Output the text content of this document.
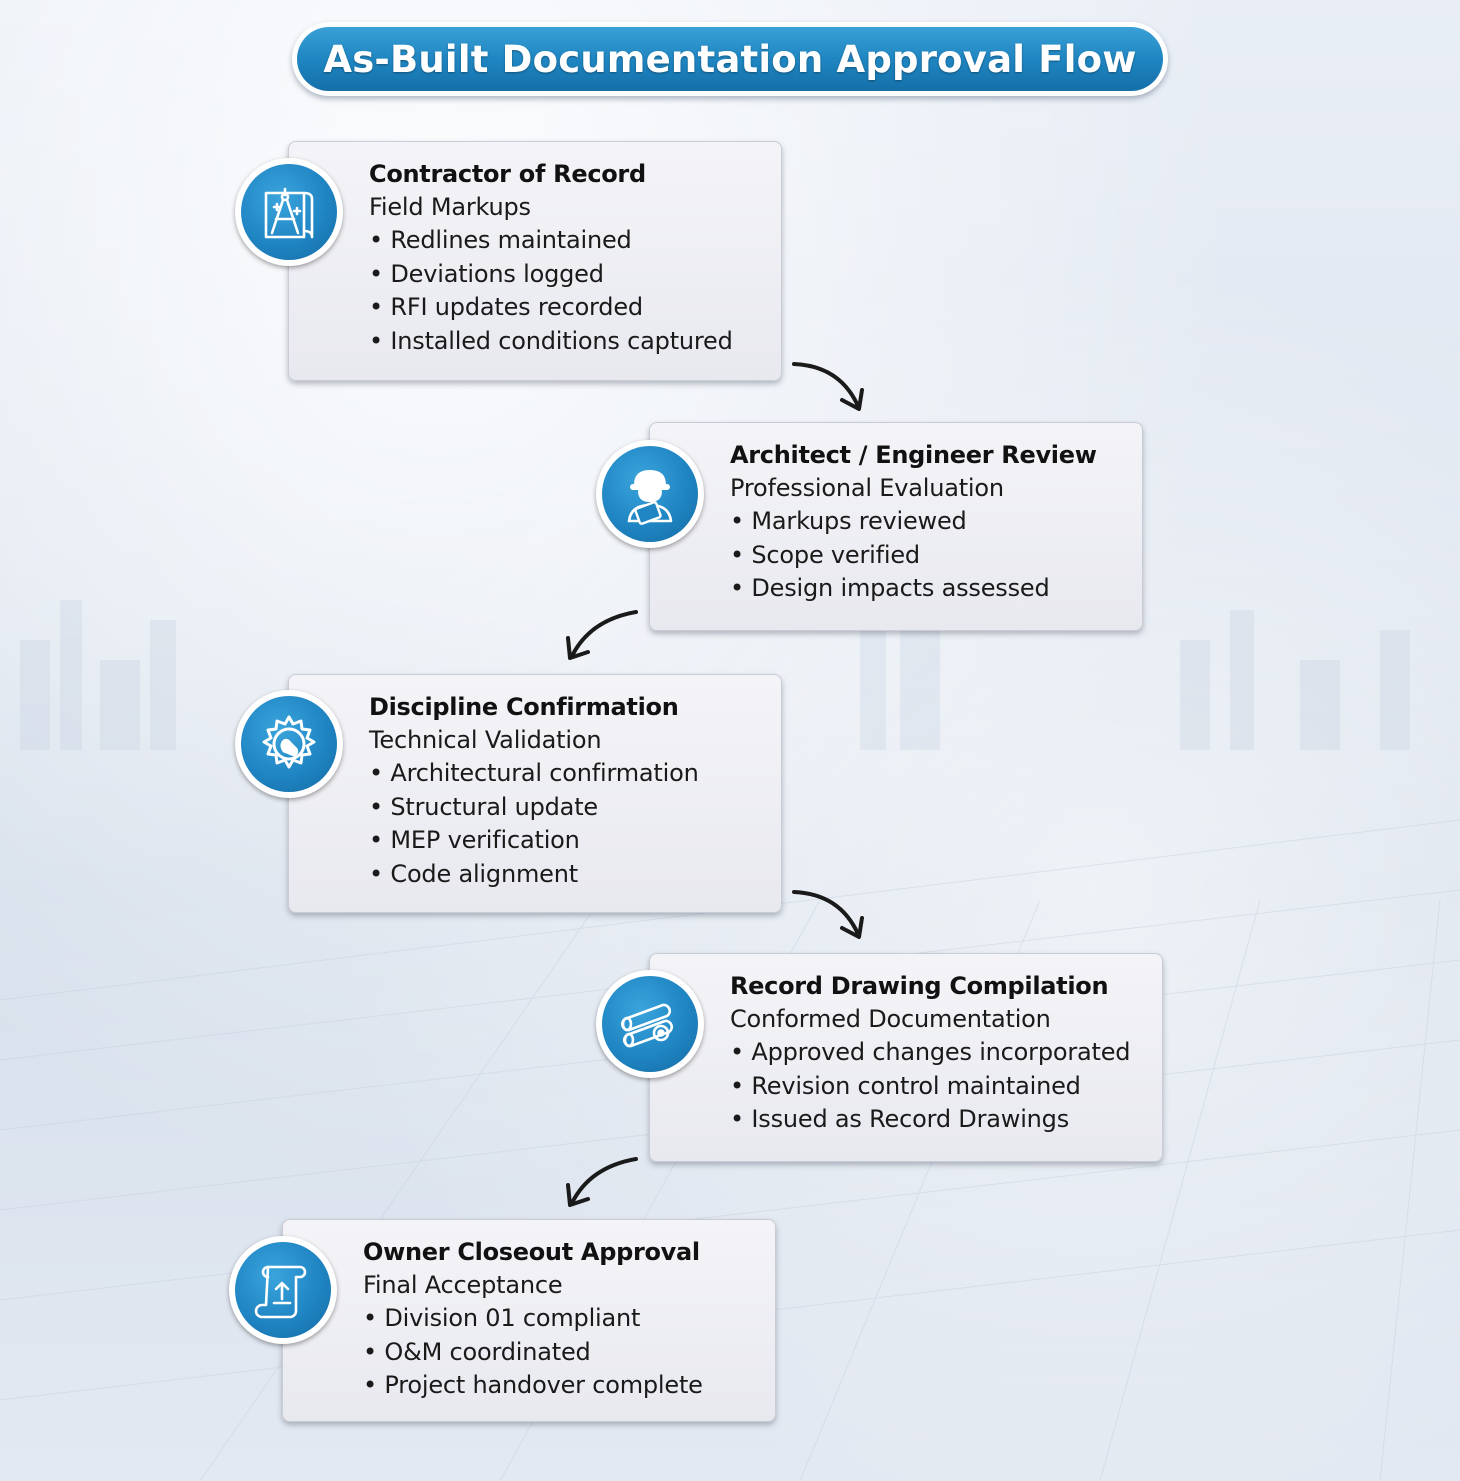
As-Built Documentation Approval Flow
Contractor of Record
Field Markups
• Redlines maintained
• Deviations logged
• RFI updates recorded
• Installed conditions captured
Architect / Engineer Review
Professional Evaluation
• Markups reviewed
• Scope verified
• Design impacts assessed
Discipline Confirmation
Technical Validation
• Architectural confirmation
• Structural update
• MEP verification
• Code alignment
Record Drawing Compilation
Conformed Documentation
• Approved changes incorporated
• Revision control maintained
• Issued as Record Drawings
Owner Closeout Approval
Final Acceptance
• Division 01 compliant
• O&M coordinated
• Project handover complete
